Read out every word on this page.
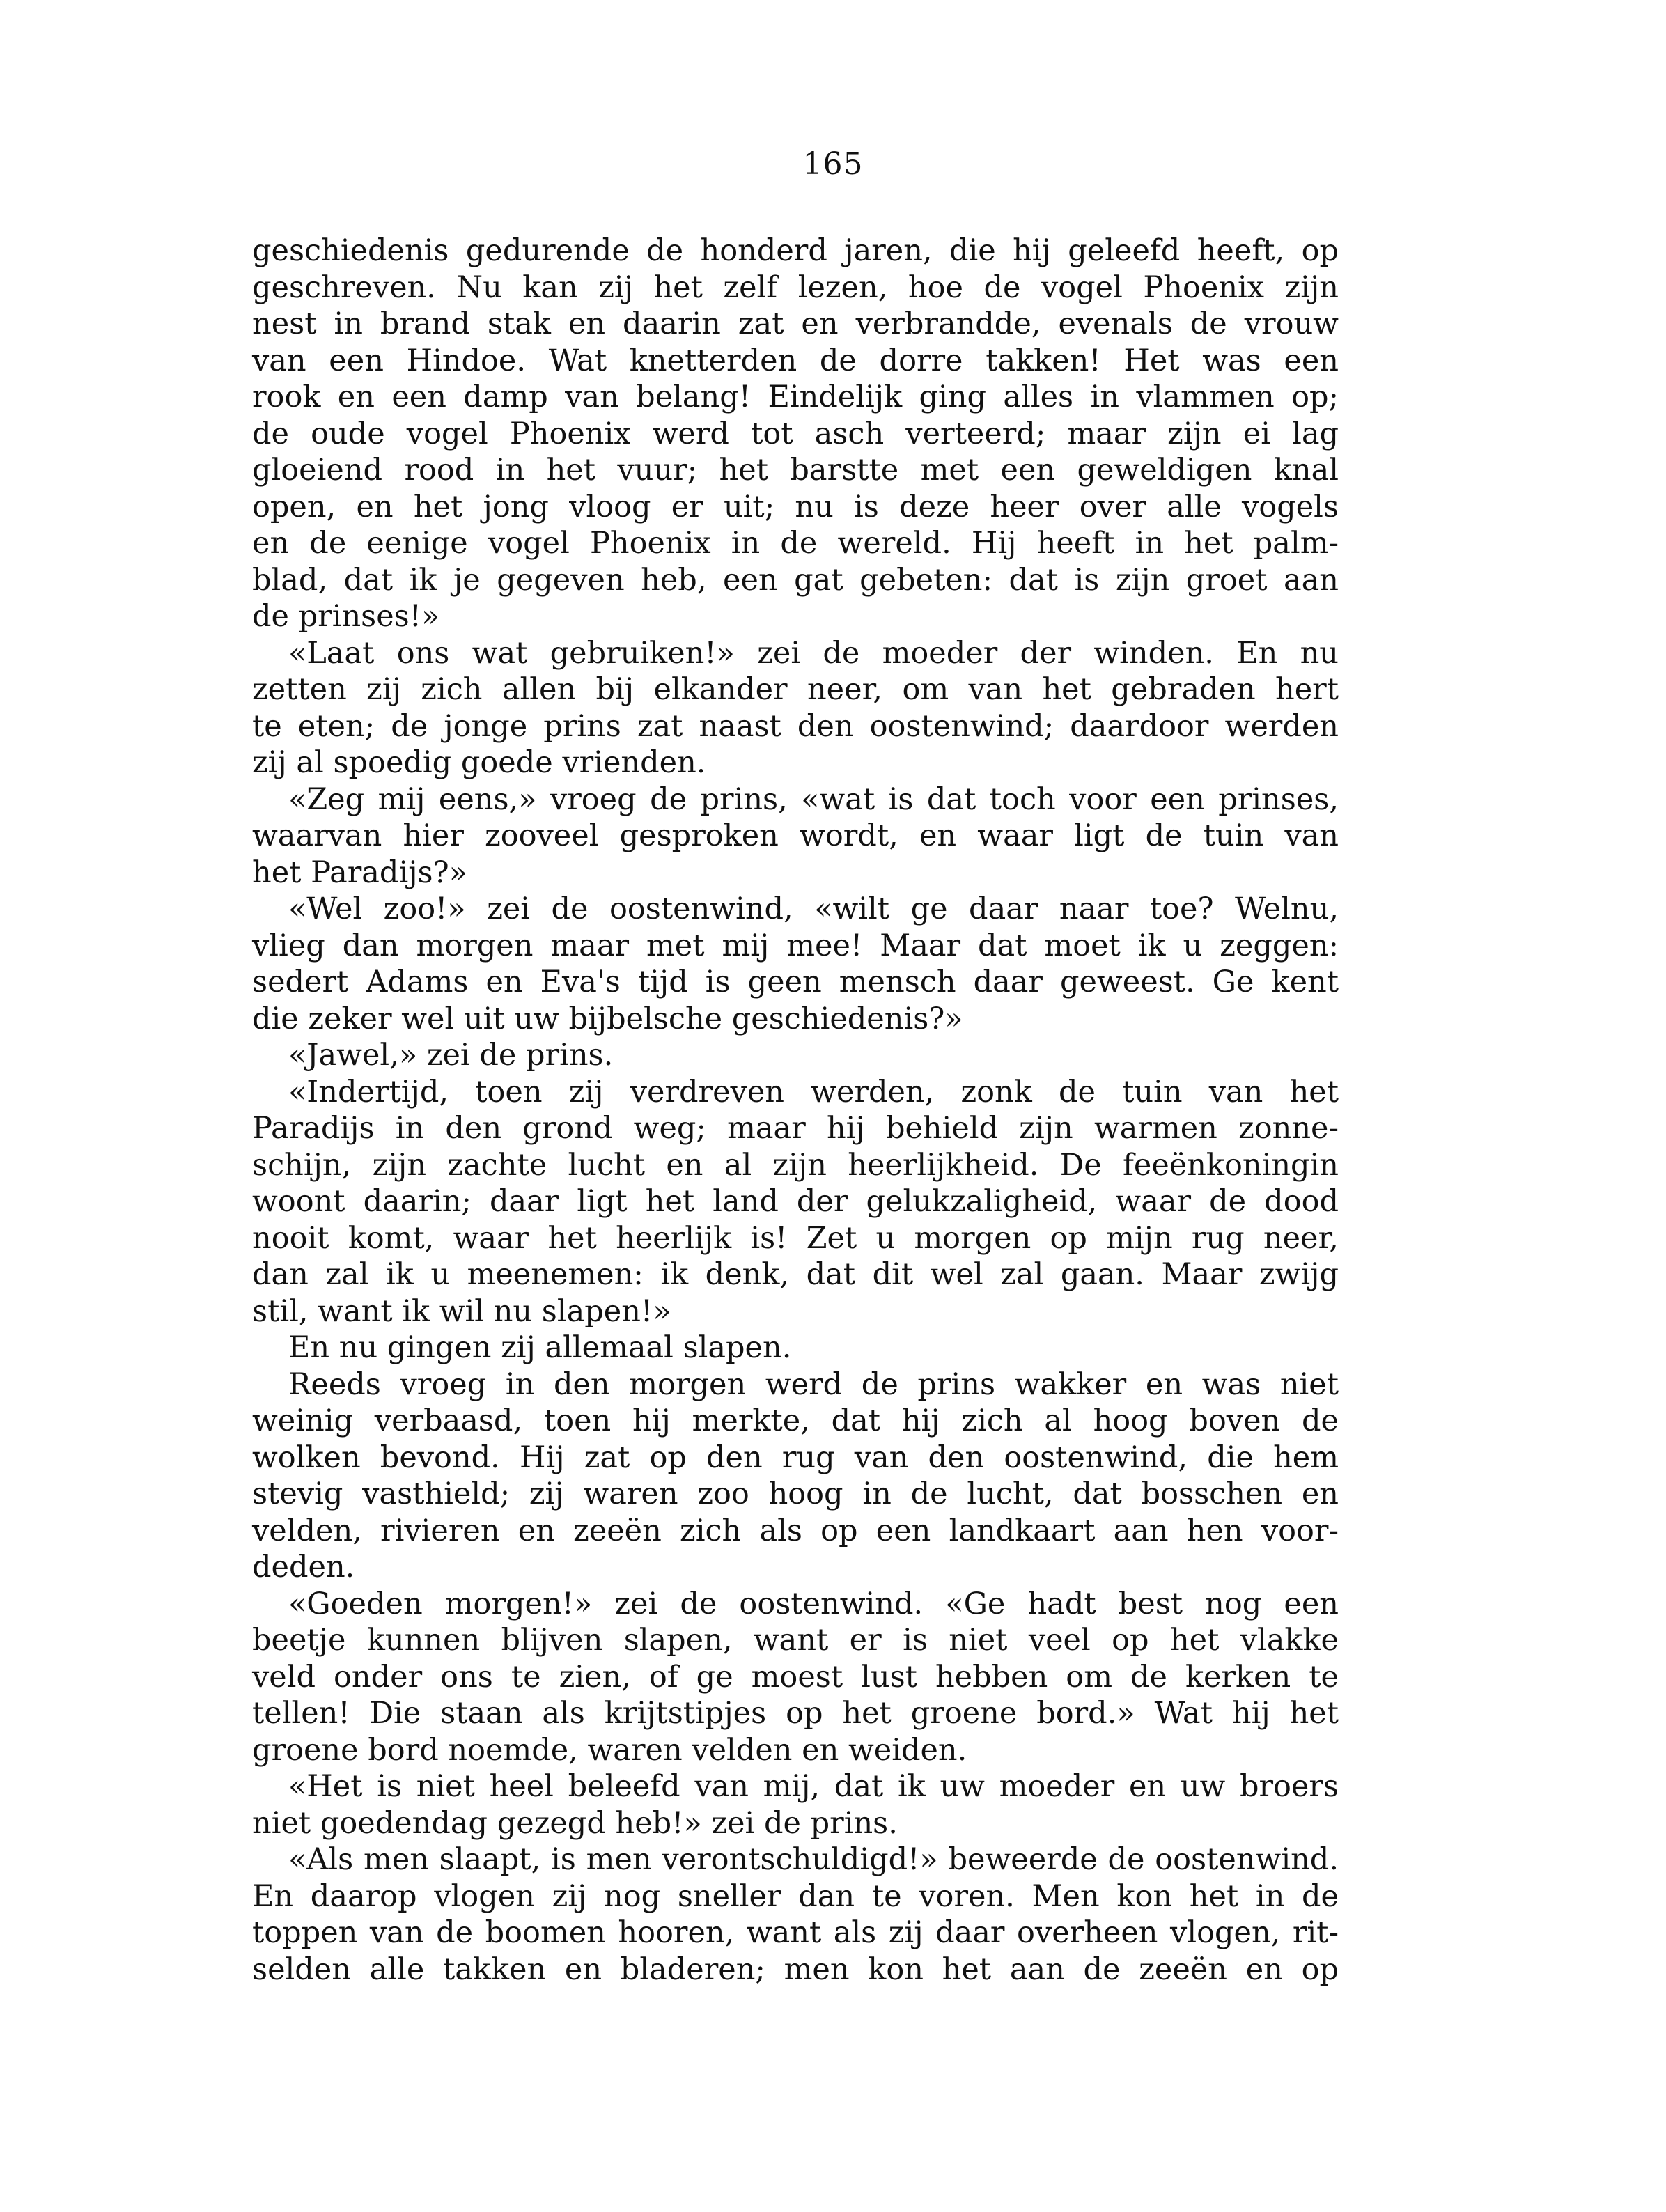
165
geschiedenis gedurende de honderd jaren, die hij geleefd heeft, op
geschreven. Nu kan zij het zelf lezen, hoe de vogel Phoenix zijn
nest in brand stak en daarin zat en verbrandde, evenals de vrouw
van een Hindoe. Wat knetterden de dorre takken! Het was een
rook en een damp van belang! Eindelijk ging alles in vlammen op;
de oude vogel Phoenix werd tot asch verteerd; maar zijn ei lag
gloeiend rood in het vuur; het barstte met een geweldigen knal
open, en het jong vloog er uit; nu is deze heer over alle vogels
en de eenige vogel Phoenix in de wereld. Hij heeft in het palm-
blad, dat ik je gegeven heb, een gat gebeten: dat is zijn groet aan
de prinses!»
«Laat ons wat gebruiken!» zei de moeder der winden. En nu
zetten zij zich allen bij elkander neer, om van het gebraden hert
te eten; de jonge prins zat naast den oostenwind; daardoor werden
zij al spoedig goede vrienden.
«Zeg mij eens,» vroeg de prins, «wat is dat toch voor een prinses,
waarvan hier zooveel gesproken wordt, en waar ligt de tuin van
het Paradijs?»
«Wel zoo!» zei de oostenwind, «wilt ge daar naar toe? Welnu,
vlieg dan morgen maar met mij mee! Maar dat moet ik u zeggen:
sedert Adams en Eva's tijd is geen mensch daar geweest. Ge kent
die zeker wel uit uw bijbelsche geschiedenis?»
«Jawel,» zei de prins.
«Indertijd, toen zij verdreven werden, zonk de tuin van het
Paradijs in den grond weg; maar hij behield zijn warmen zonne-
schijn, zijn zachte lucht en al zijn heerlijkheid. De feeënkoningin
woont daarin; daar ligt het land der gelukzaligheid, waar de dood
nooit komt, waar het heerlijk is! Zet u morgen op mijn rug neer,
dan zal ik u meenemen: ik denk, dat dit wel zal gaan. Maar zwijg
stil, want ik wil nu slapen!»
En nu gingen zij allemaal slapen.
Reeds vroeg in den morgen werd de prins wakker en was niet
weinig verbaasd, toen hij merkte, dat hij zich al hoog boven de
wolken bevond. Hij zat op den rug van den oostenwind, die hem
stevig vasthield; zij waren zoo hoog in de lucht, dat bosschen en
velden, rivieren en zeeën zich als op een landkaart aan hen voor-
deden.
«Goeden morgen!» zei de oostenwind. «Ge hadt best nog een
beetje kunnen blijven slapen, want er is niet veel op het vlakke
veld onder ons te zien, of ge moest lust hebben om de kerken te
tellen! Die staan als krijtstipjes op het groene bord.» Wat hij het
groene bord noemde, waren velden en weiden.
«Het is niet heel beleefd van mij, dat ik uw moeder en uw broers
niet goedendag gezegd heb!» zei de prins.
«Als men slaapt, is men verontschuldigd!» beweerde de oostenwind.
En daarop vlogen zij nog sneller dan te voren. Men kon het in de
toppen van de boomen hooren, want als zij daar overheen vlogen, rit-
selden alle takken en bladeren; men kon het aan de zeeën en op
